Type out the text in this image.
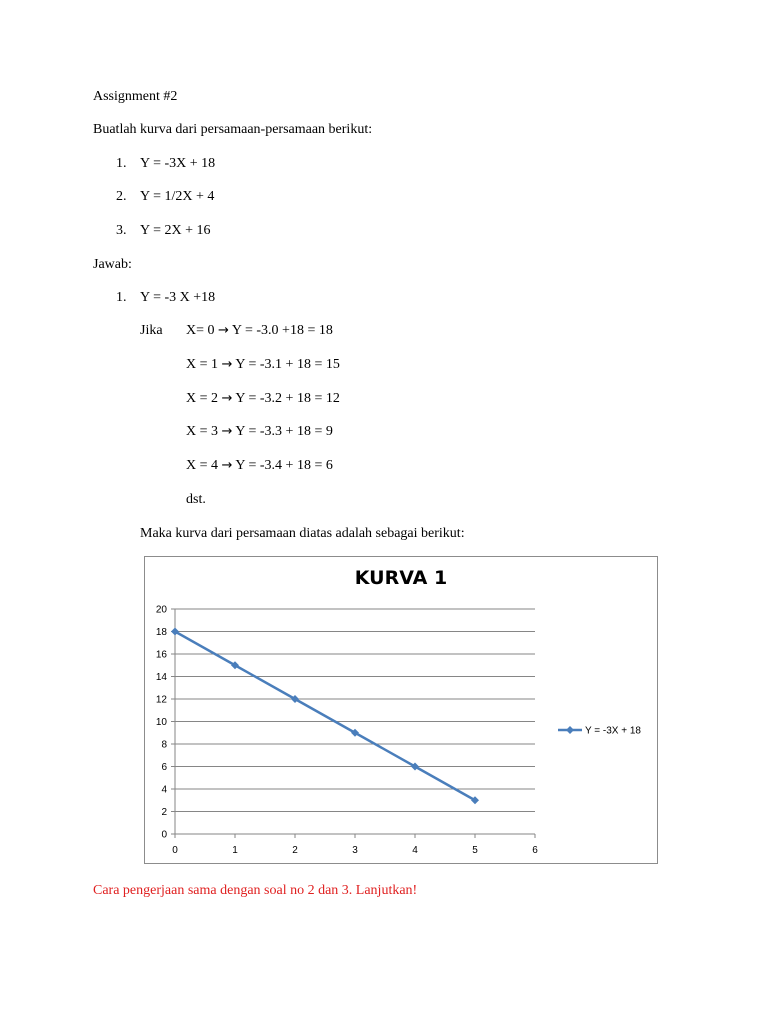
Assignment #2
Buatlah kurva dari persamaan-persamaan berikut:
1. Y = -3X + 18
2. Y = 1/2X + 4
3. Y = 2X + 16
Jawab:
1. Y = -3 X +18
Jika X= 0 → Y = -3.0 +18 = 18
X = 1 → Y = -3.1 + 18 = 15
X = 2 → Y = -3.2 + 18 = 12
X = 3 → Y = -3.3 + 18 = 9
X = 4 → Y = -3.4 + 18 = 6
dst.
Maka kurva dari persamaan diatas adalah sebagai berikut:
KURVA 1
0
2
4
6
8
10
12
14
16
18
20
0	1	2	3	4	5	6
Y = -3X + 18
Cara pengerjaan sama dengan soal no 2 dan 3. Lanjutkan!
